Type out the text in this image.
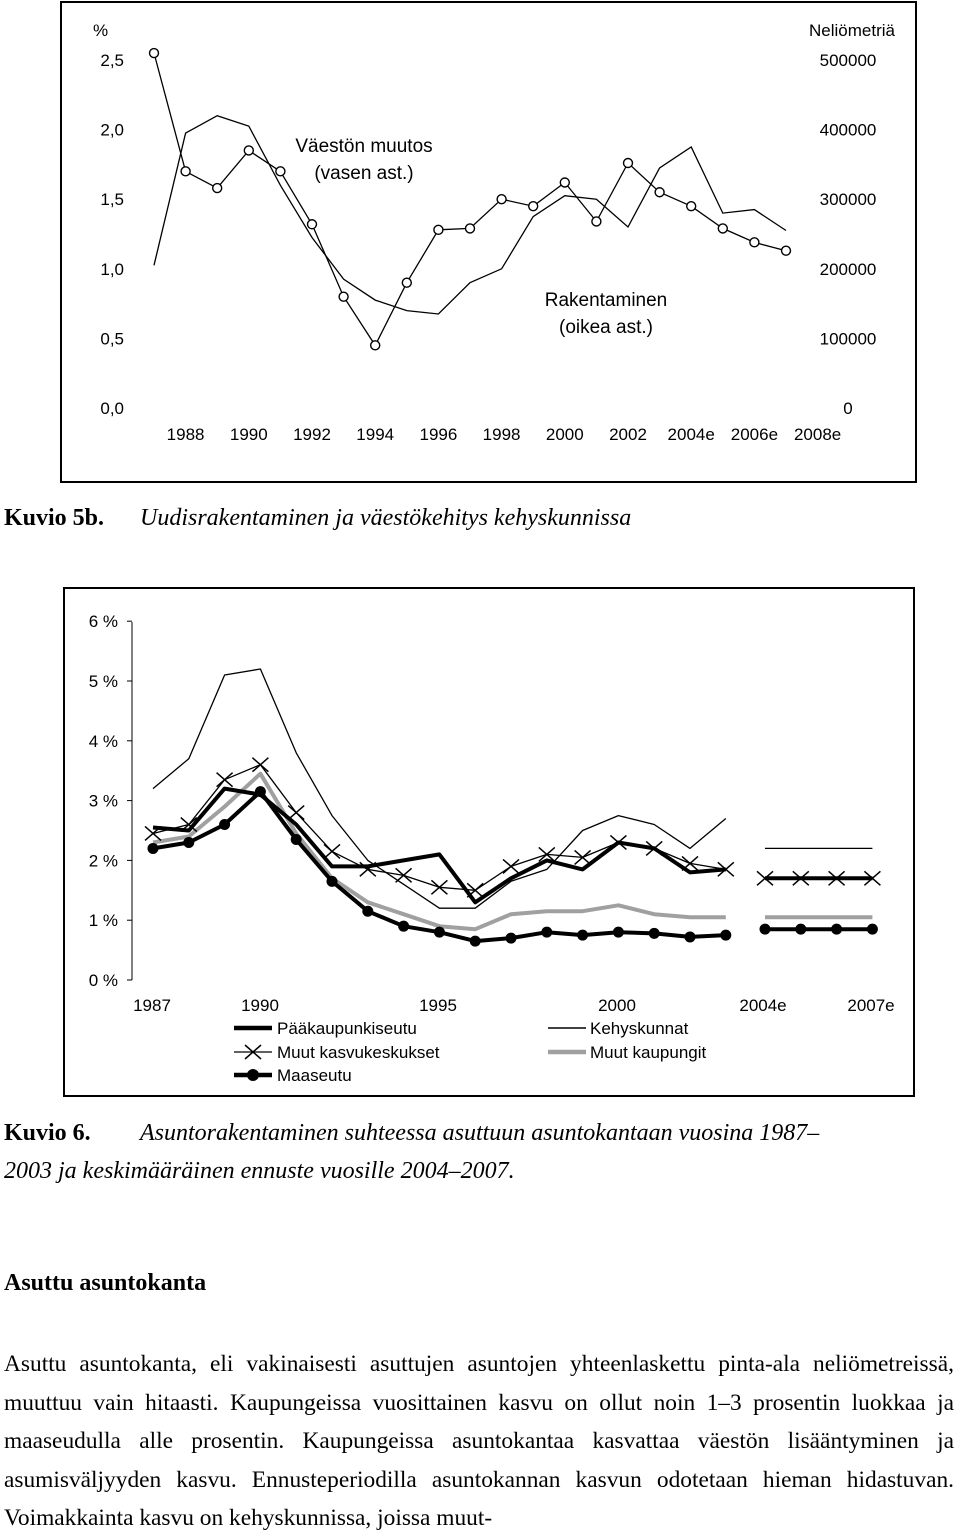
0,0
0,5
1,0
1,5
2,0
2,5
0
100000
200000
300000
400000
500000
1988 1990 1992 1994 1996 1998 2000 2002 2004e 2006e 2008e
%	Neliömetriä
Väestön muutos
(vasen ast.)
Rakentaminen
(oikea ast.)
Kuvio 5b. Uudisrakentaminen ja väestökehitys kehyskunnissa
0 %
1 %
2 %
3 %
4 %
5 %
6 %
1987	1990	1995	2000	2004e	2007e
Pääkaupunkiseutu	Kehyskunnat
Muut kasvukeskukset	Muut kaupungit
Maaseutu
Kuvio 6. Asuntorakentaminen suhteessa asuttuun asuntokantaan vuosina 1987–
2003 ja keskimääräinen ennuste vuosille 2004–2007.
Asuttu asuntokanta

Asuttu asuntokanta, eli vakinaisesti asuttujen asuntojen yhteenlaskettu pinta-ala neliömetreissä, muuttuu vain hitaasti. Kaupungeissa vuosittainen kasvu on ollut noin 1–3 prosentin luokkaa ja maaseudulla alle prosentin. Kaupungeissa asuntokantaa kasvattaa väestön lisääntyminen ja asumisväljyyden kasvu. Ennusteperiodilla asuntokannan kasvun odotetaan hieman hidastuvan. Voimakkainta kasvu on kehyskunnissa, joissa muut-
